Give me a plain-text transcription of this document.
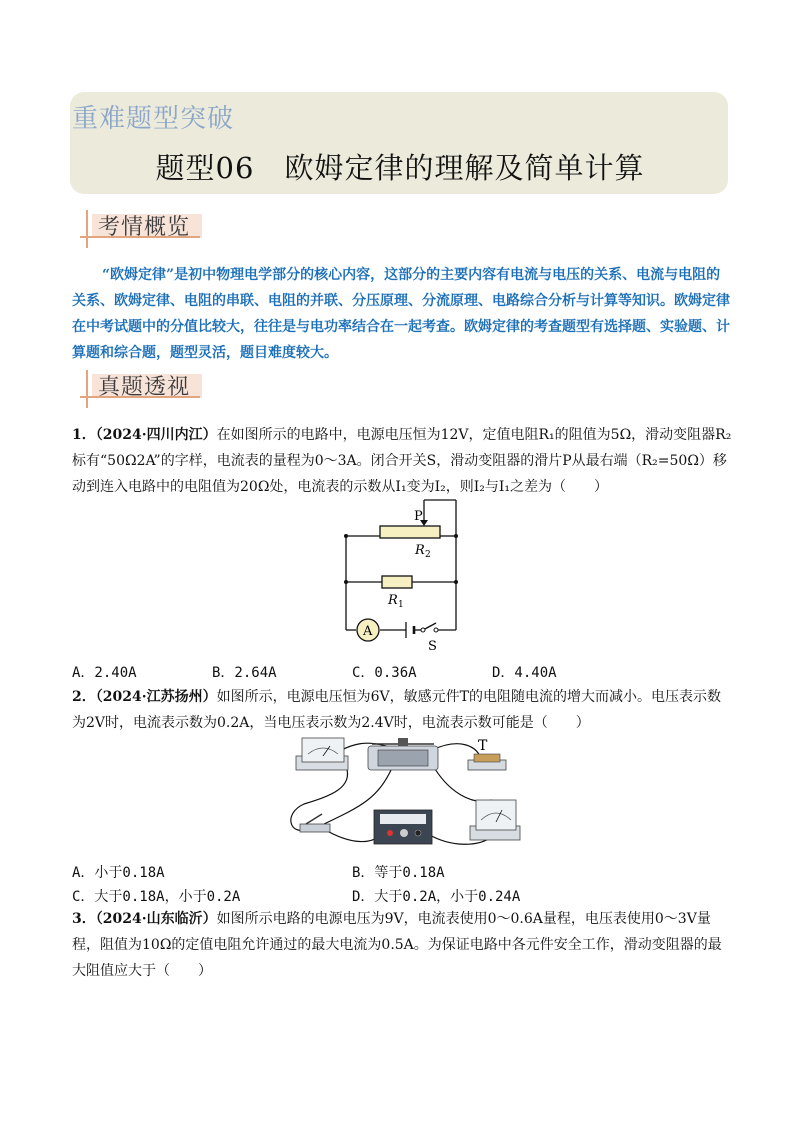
重难题型突破
题型06　欧姆定律的理解及简单计算
考情概览
“欧姆定律”是初中物理电学部分的核心内容，这部分的主要内容有电流与电压的关系、电流与电阻的关系、欧姆定律、电阻的串联、电阻的并联、分压原理、分流原理、电路综合分析与计算等知识。欧姆定律在中考试题中的分值比较大，往往是与电功率结合在一起考查。欧姆定律的考查题型有选择题、实验题、计算题和综合题，题型灵活，题目难度较大。
真题透视
1．（2024·四川内江）在如图所示的电路中，电源电压恒为12V，定值电阻R₁的阻值为5Ω，滑动变阻器R₂标有“50Ω2A”的字样，电流表的量程为0～3A。闭合开关S，滑动变阻器的滑片P从最右端（R₂=50Ω）移动到连入电路中的电阻值为20Ω处，电流表的示数从I₁变为I₂，则I₂与I₁之差为（　　）
P
R 2
R 1
A
S
A．2.40A	B．2.64A	C．0.36A	D．4.40A
2．（2024·江苏扬州）如图所示，电源电压恒为6V，敏感元件T的电阻随电流的增大而减小。电压表示数为2V时，电流表示数为0.2A，当电压表示数为2.4V时，电流表示数可能是（　　）
T
A．小于0.18A	B．等于0.18A
C．大于0.18A，小于0.2A	D．大于0.2A，小于0.24A
3．（2024·山东临沂）如图所示电路的电源电压为9V，电流表使用0～0.6A量程，电压表使用0～3V量程，阻值为10Ω的定值电阻允许通过的最大电流为0.5A。为保证电路中各元件安全工作，滑动变阻器的最大阻值应大于（　　）
